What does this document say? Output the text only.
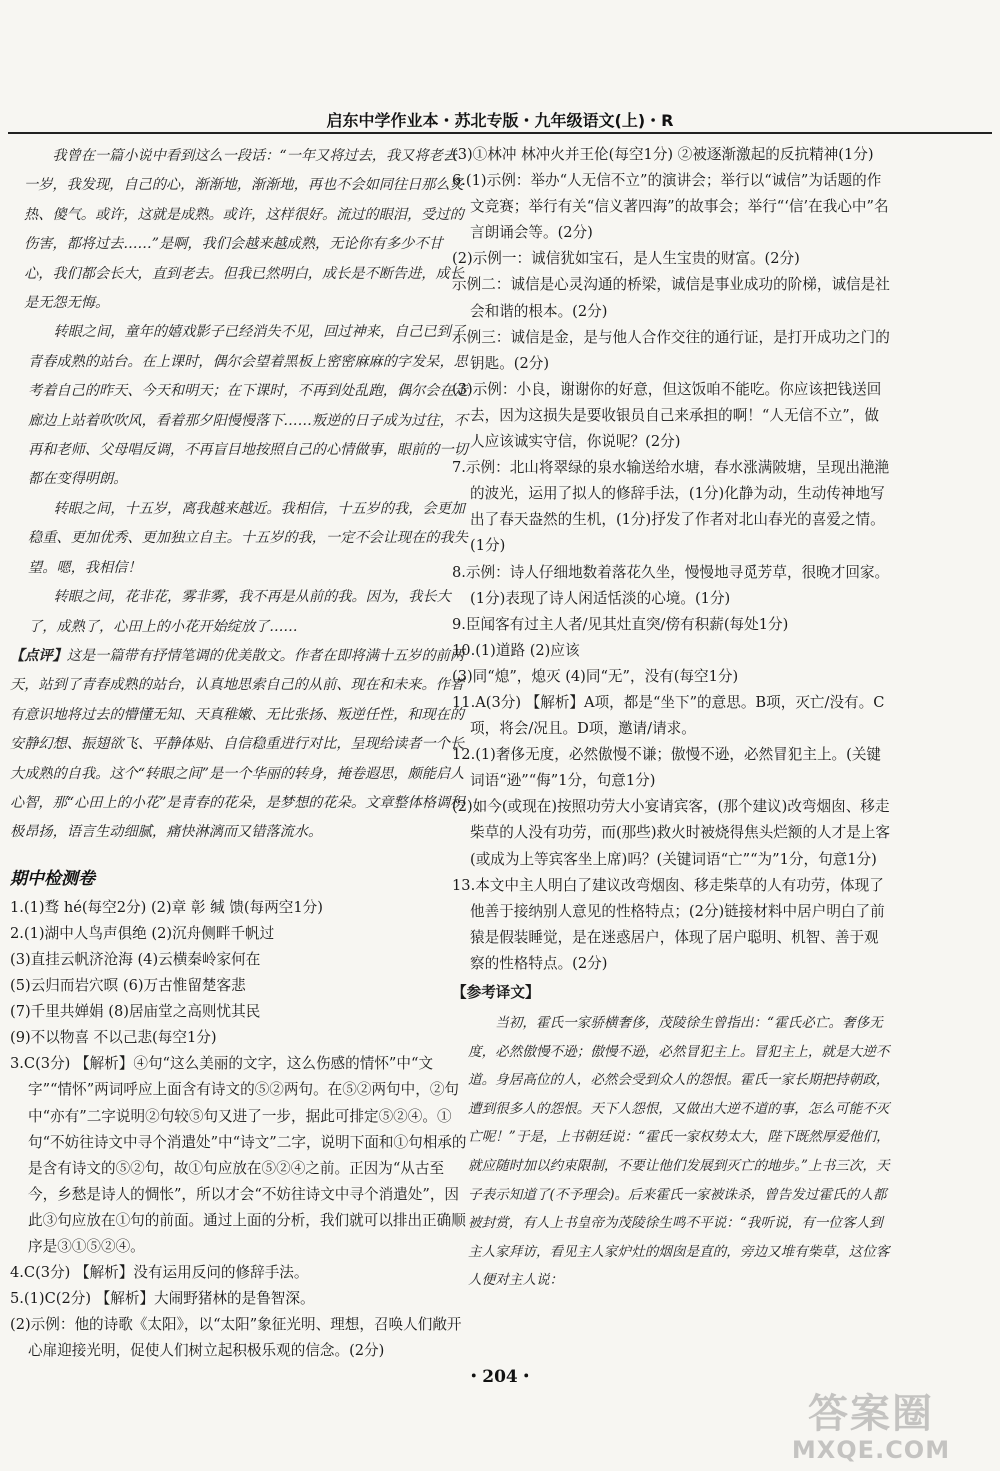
启东中学作业本・苏北专版・九年级语文(上)・R

我曾在一篇小说中看到这么一段话：“一年又将过去，我又将老去一岁，我发现，自己的心，渐渐地，渐渐地，再也不会如同往日那么炙热、傻气。或许，这就是成熟。或许，这样很好。流过的眼泪，受过的伤害，都将过去……”是啊，我们会越来越成熟，无论你有多少不甘心，我们都会长大，直到老去。但我已然明白，成长是不断告进，成长是无怨无悔。

转眼之间，童年的嬉戏影子已经消失不见，回过神来，自己已到了青春成熟的站台。在上课时，偶尔会望着黑板上密密麻麻的字发呆，思考着自己的昨天、今天和明天；在下课时，不再到处乱跑，偶尔会在走廊边上站着吹吹风，看着那夕阳慢慢落下……叛逆的日子成为过往，不再和老师、父母唱反调，不再盲目地按照自己的心情做事，眼前的一切都在变得明朗。

转眼之间，十五岁，离我越来越近。我相信，十五岁的我，会更加稳重、更加优秀、更加独立自主。十五岁的我，一定不会让现在的我失望。嗯，我相信！

转眼之间，花非花，雾非雾，我不再是从前的我。因为，我长大了，成熟了，心田上的小花开始绽放了……

【点评】这是一篇带有抒情笔调的优美散文。作者在即将满十五岁的前两天，站到了青春成熟的站台，认真地思索自己的从前、现在和未来。作者有意识地将过去的懵懂无知、天真稚嫩、无比张扬、叛逆任性，和现在的安静幻想、振翅欲飞、平静体贴、自信稳重进行对比，呈现给读者一个长大成熟的自我。这个“转眼之间”是一个华丽的转身，掩卷遐思，颇能启人心智，那“心田上的小花”是青春的花朵，是梦想的花朵。文章整体格调积极昂扬，语言生动细腻，痛快淋漓而又错落流水。

期中检测卷
1.(1)骛 hé(每空2分) (2)章 彰 缄 馈(每两空1分)
2.(1)湖中人鸟声俱绝 (2)沉舟侧畔千帆过
(3)直挂云帆济沧海 (4)云横秦岭家何在
(5)云归而岩穴暝 (6)万古惟留楚客悲
(7)千里共婵娟 (8)居庙堂之高则忧其民
(9)不以物喜 不以己悲(每空1分)
3.C(3分) 【解析】④句“这么美丽的文字，这么伤感的情怀”中“文字”“情怀”两词呼应上面含有诗文的⑤②两句。在⑤②两句中，②句中“亦有”二字说明②句较⑤句又进了一步，据此可排定⑤②④。①句“不妨往诗文中寻个消遣处”中“诗文”二字，说明下面和①句相承的是含有诗文的⑤②句，故①句应放在⑤②④之前。正因为“从古至今，乡愁是诗人的惆怅”，所以才会“不妨往诗文中寻个消遣处”，因此③句应放在①句的前面。通过上面的分析，我们就可以排出正确顺序是③①⑤②④。
4.C(3分) 【解析】没有运用反问的修辞手法。
5.(1)C(2分) 【解析】大闹野猪林的是鲁智深。
(2)示例：他的诗歌《太阳》，以“太阳”象征光明、理想，召唤人们敞开心扉迎接光明，促使人们树立起积极乐观的信念。(2分)
(3)①林冲 林冲火并王伦(每空1分) ②被逐渐激起的反抗精神(1分)
6.(1)示例：举办“人无信不立”的演讲会；举行以“诚信”为话题的作文竞赛；举行有关“信义著四海”的故事会；举行“‘信’在我心中”名言朗诵会等。(2分)
(2)示例一：诚信犹如宝石，是人生宝贵的财富。(2分)
示例二：诚信是心灵沟通的桥梁，诚信是事业成功的阶梯，诚信是社会和谐的根本。(2分)
示例三：诚信是金，是与他人合作交往的通行证，是打开成功之门的钥匙。(2分)
(3)示例：小良，谢谢你的好意，但这饭咱不能吃。你应该把钱送回去，因为这损失是要收银员自己来承担的啊！“人无信不立”，做人应该诚实守信，你说呢？(2分)
7.示例：北山将翠绿的泉水输送给水塘，春水涨满陂塘，呈现出滟滟的波光，运用了拟人的修辞手法，(1分)化静为动，生动传神地写出了春天盎然的生机，(1分)抒发了作者对北山春光的喜爱之情。(1分)
8.示例：诗人仔细地数着落花久坐，慢慢地寻觅芳草，很晚才回家。(1分)表现了诗人闲适恬淡的心境。(1分)
9.臣闻客有过主人者/见其灶直突/傍有积薪(每处1分)
10.(1)道路 (2)应该
(3)同“熄”，熄灭 (4)同“无”，没有(每空1分)
11.A(3分) 【解析】A项，都是“坐下”的意思。B项，灭亡/没有。C项，将会/况且。D项，邀请/请求。
12.(1)奢侈无度，必然傲慢不谦；傲慢不逊，必然冒犯主上。(关键词语“逊”“侮”1分，句意1分)
(2)如今(或现在)按照功劳大小宴请宾客，(那个建议)改弯烟囱、移走柴草的人没有功劳，而(那些)救火时被烧得焦头烂额的人才是上客(或成为上等宾客坐上席)吗？(关键词语“亡”“为”1分，句意1分)
13.本文中主人明白了建议改弯烟囱、移走柴草的人有功劳，体现了他善于接纳别人意见的性格特点；(2分)链接材料中居户明白了前猿是假装睡觉，是在迷惑居户，体现了居户聪明、机智、善于观察的性格特点。(2分)
【参考译文】

当初，霍氏一家骄横奢侈，茂陵徐生曾指出：“霍氏必亡。奢侈无度，必然傲慢不逊；傲慢不逊，必然冒犯主上。冒犯主上，就是大逆不道。身居高位的人，必然会受到众人的怨恨。霍氏一家长期把持朝政，遭到很多人的怨恨。天下人怨恨，又做出大逆不道的事，怎么可能不灭亡呢！”于是，上书朝廷说：“霍氏一家权势太大，陛下既然厚爱他们，就应随时加以约束限制，不要让他们发展到灭亡的地步。”上书三次，天子表示知道了(不予理会)。后来霍氏一家被诛杀，曾告发过霍氏的人都被封赏，有人上书皇帝为茂陵徐生鸣不平说：“我听说，有一位客人到主人家拜访，看见主人家炉灶的烟囱是直的，旁边又堆有柴草，这位客人便对主人说：

・204・
答案圈
MXQE.COM
